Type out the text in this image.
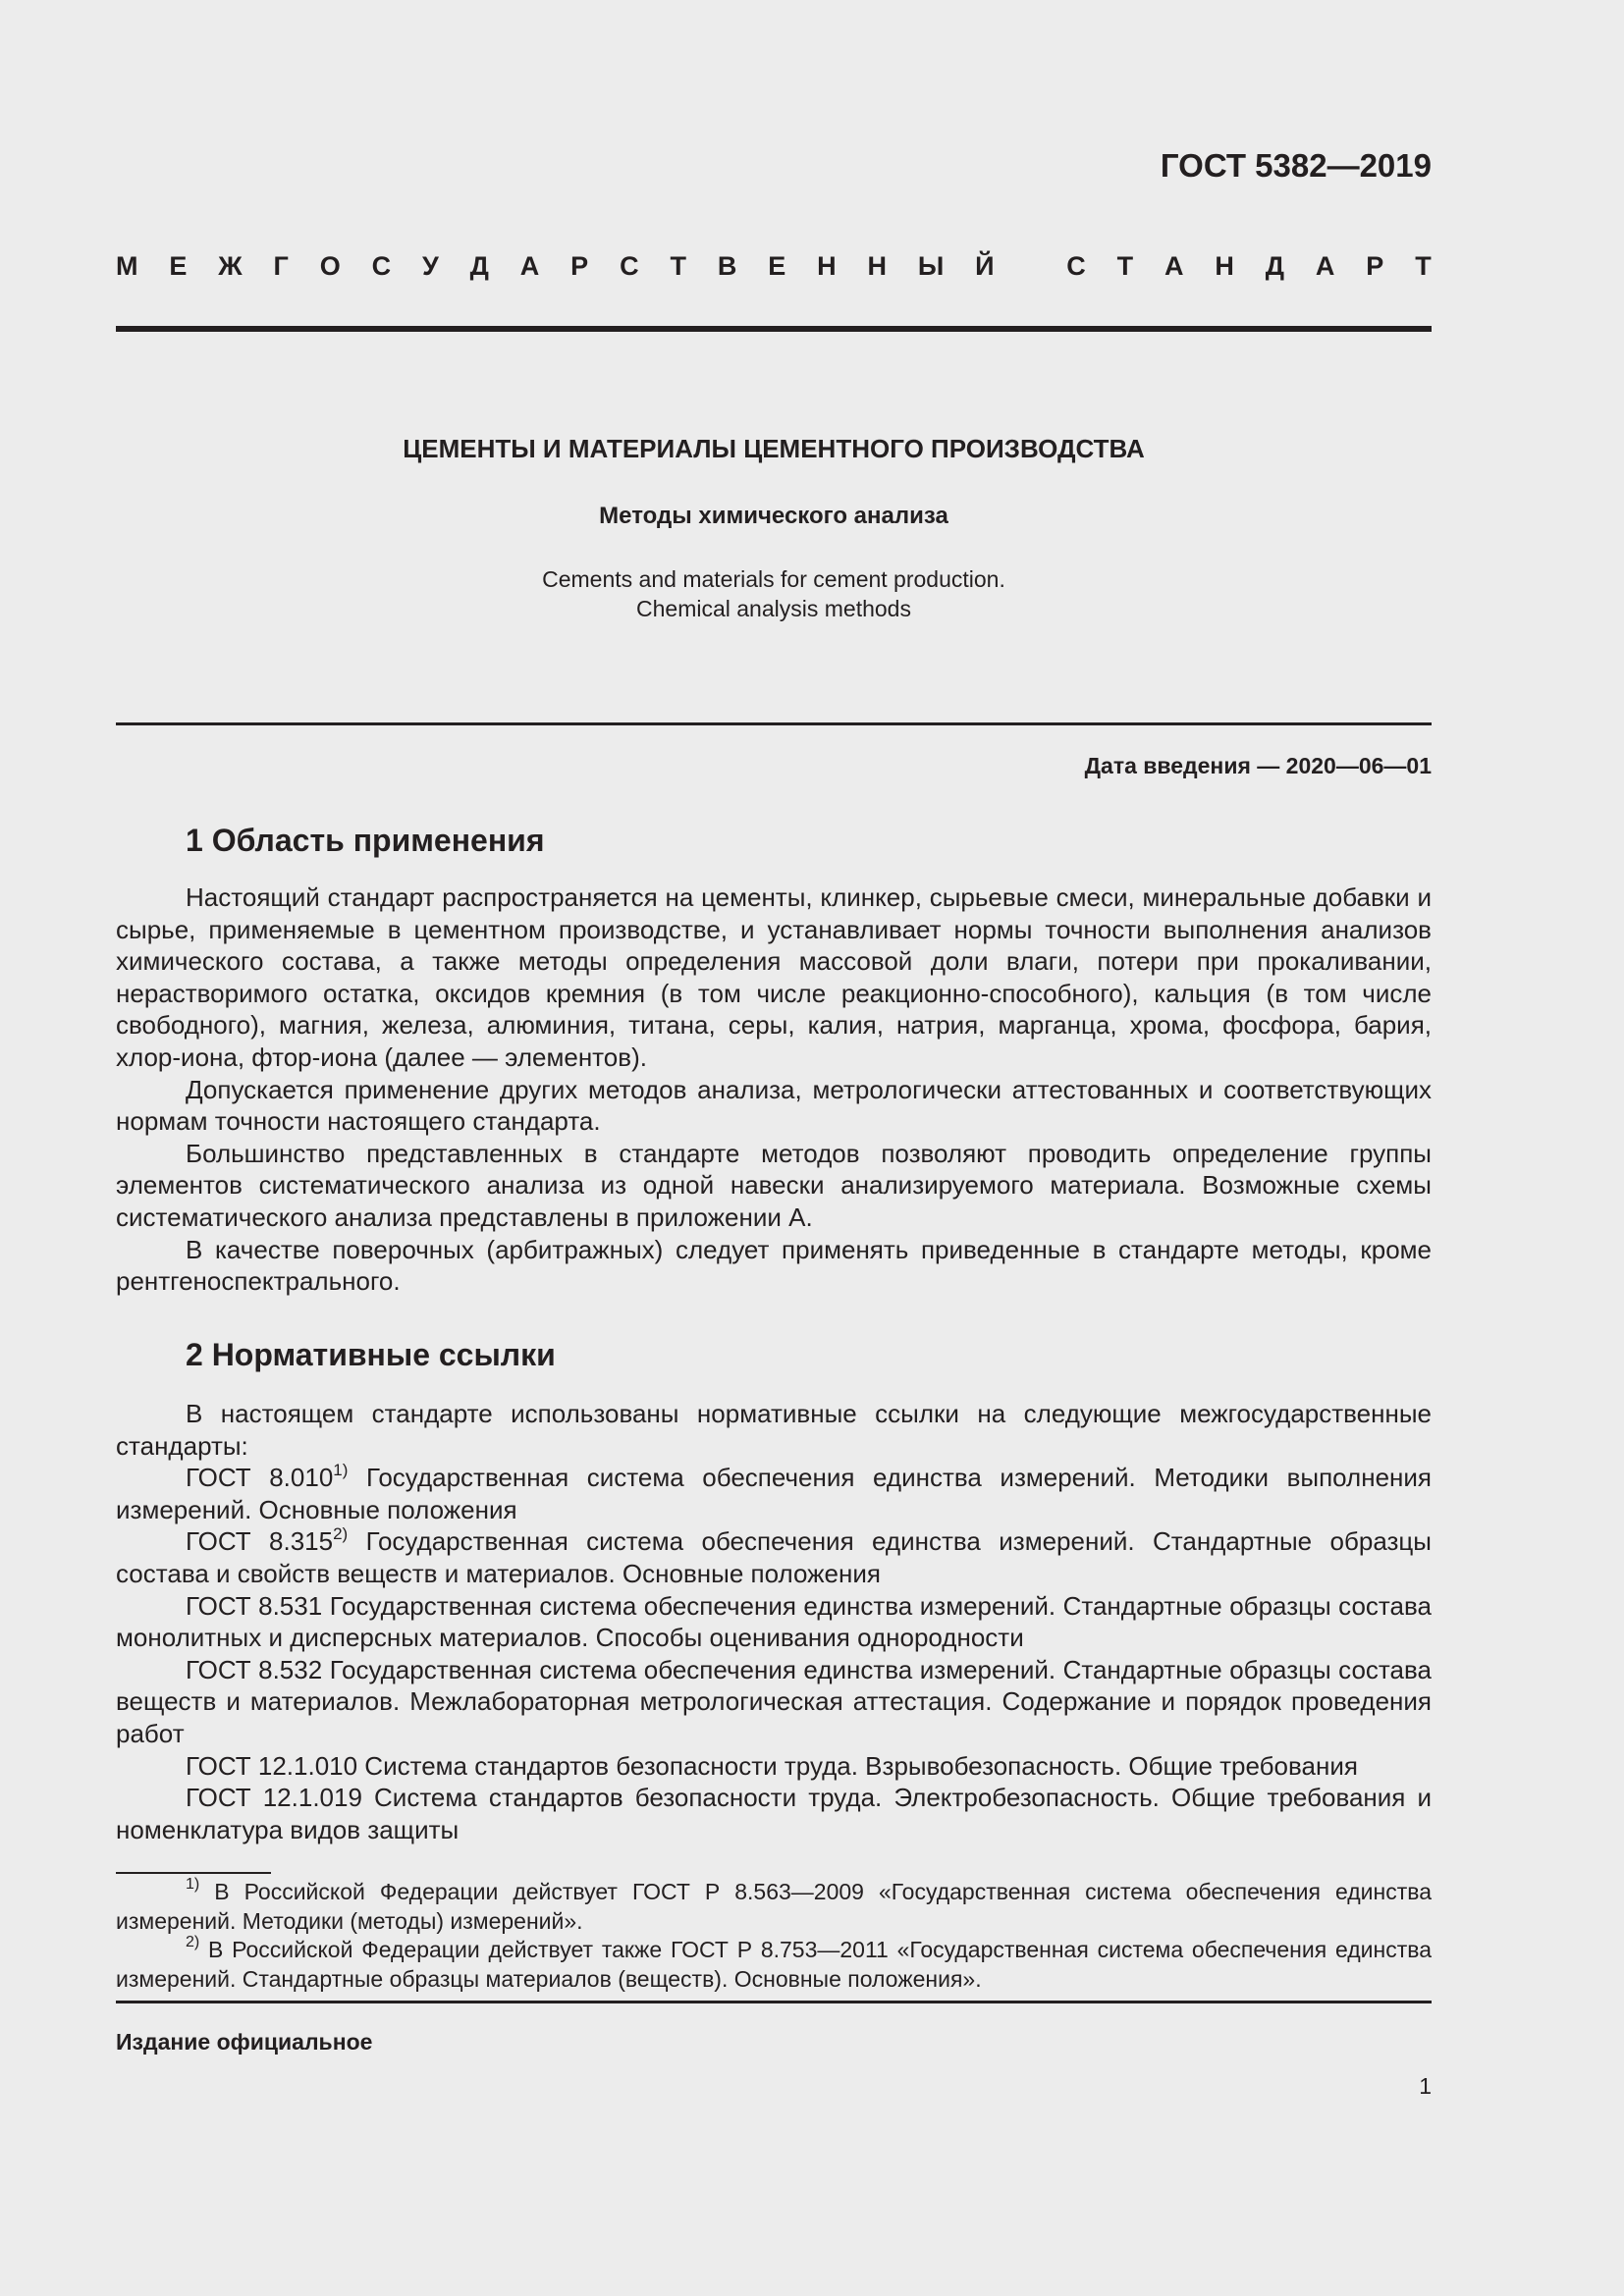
ГОСТ 5382—2019
М Е Ж Г О С У Д А Р С Т В Е Н Н Ы Й	С Т А Н Д А Р Т
ЦЕМЕНТЫ И МАТЕРИАЛЫ ЦЕМЕНТНОГО ПРОИЗВОДСТВА
Методы химического анализа
Cements and materials for cement production.
Chemical analysis methods
Дата введения — 2020—06—01
1 Область применения

Настоящий стандарт распространяется на цементы, клинкер, сырьевые смеси, минеральные добавки и сырье, применяемые в цементном производстве, и устанавливает нормы точности выполнения анализов химического состава, а также методы определения массовой доли влаги, потери при прокаливании, нерастворимого остатка, оксидов кремния (в том числе реакционно-способного), кальция (в том числе свободного), магния, железа, алюминия, титана, серы, калия, натрия, марганца, хрома, фосфора, бария, хлор-иона, фтор-иона (далее — элементов).

Допускается применение других методов анализа, метрологически аттестованных и соответствующих нормам точности настоящего стандарта.

Большинство представленных в стандарте методов позволяют проводить определение группы элементов систематического анализа из одной навески анализируемого материала. Возможные схемы систематического анализа представлены в приложении А.

В качестве поверочных (арбитражных) следует применять приведенные в стандарте методы, кроме рентгеноспектрального.

2 Нормативные ссылки

В настоящем стандарте использованы нормативные ссылки на следующие межгосударственные стандарты:

ГОСТ 8.010$^{1)}$ Государственная система обеспечения единства измерений. Методики выполнения измерений. Основные положения

ГОСТ 8.315$^{2)}$ Государственная система обеспечения единства измерений. Стандартные образцы состава и свойств веществ и материалов. Основные положения

ГОСТ 8.531 Государственная система обеспечения единства измерений. Стандартные образцы состава монолитных и дисперсных материалов. Способы оценивания однородности

ГОСТ 8.532 Государственная система обеспечения единства измерений. Стандартные образцы состава веществ и материалов. Межлабораторная метрологическая аттестация. Содержание и порядок проведения работ

ГОСТ 12.1.010 Система стандартов безопасности труда. Взрывобезопасность. Общие требования

ГОСТ 12.1.019 Система стандартов безопасности труда. Электробезопасность. Общие требования и номенклатура видов защиты

$^{1)}$ В Российской Федерации действует ГОСТ Р 8.563—2009 «Государственная система обеспечения единства измерений. Методики (методы) измерений».

$^{2)}$ В Российской Федерации действует также ГОСТ Р 8.753—2011 «Государственная система обеспечения единства измерений. Стандартные образцы материалов (веществ). Основные положения».

Издание официальное
1
